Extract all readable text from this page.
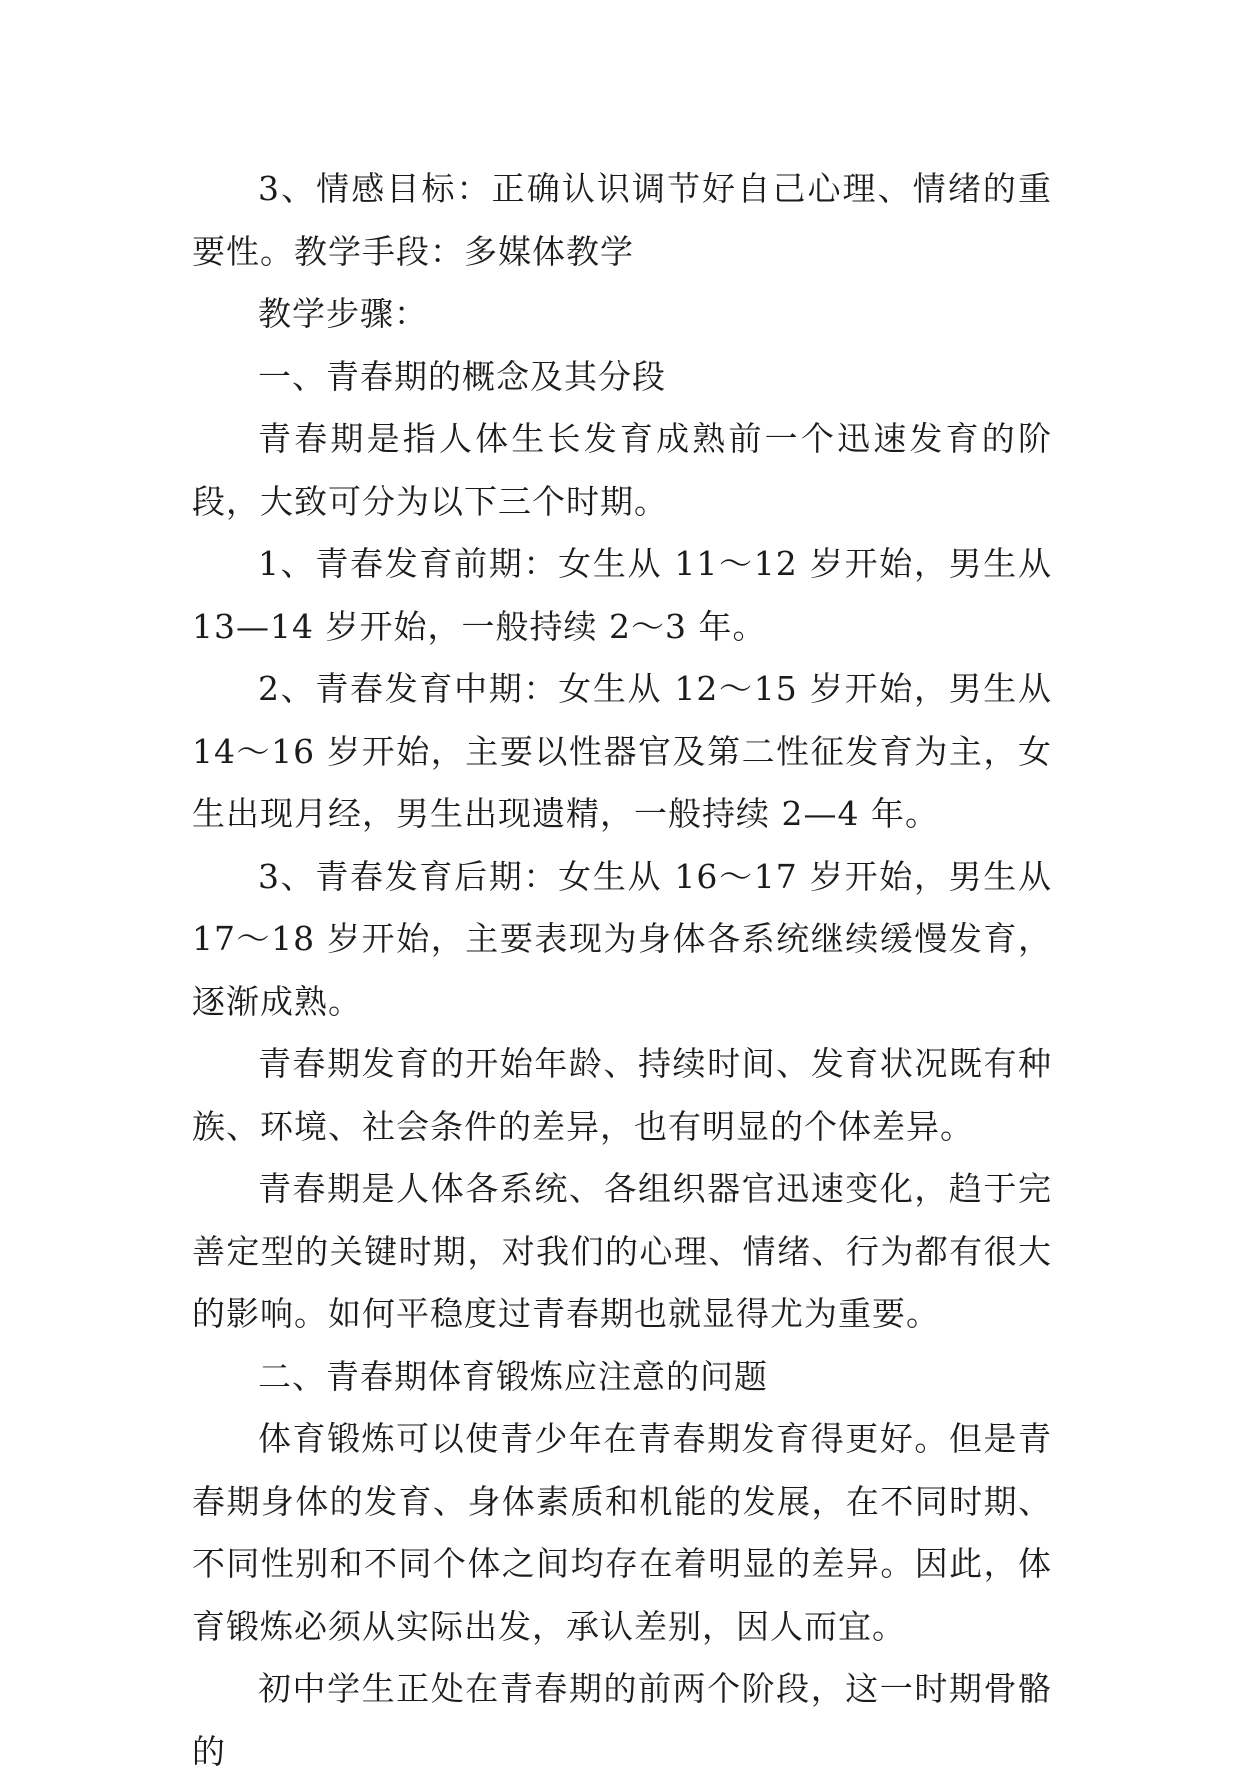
3、情感目标：正确认识调节好自己心理、情绪的重要性。教学手段：多媒体教学

教学步骤：

一、青春期的概念及其分段

青春期是指人体生长发育成熟前一个迅速发育的阶段，大致可分为以下三个时期。

1、青春发育前期：女生从 11～12 岁开始，男生从 13—14 岁开始，一般持续 2～3 年。

2、青春发育中期：女生从 12～15 岁开始，男生从 14～16 岁开始，主要以性器官及第二性征发育为主，女生出现月经，男生出现遗精，一般持续 2—4 年。

3、青春发育后期：女生从 16～17 岁开始，男生从 17～18 岁开始，主要表现为身体各系统继续缓慢发育，逐渐成熟。

青春期发育的开始年龄、持续时间、发育状况既有种族、环境、社会条件的差异，也有明显的个体差异。

青春期是人体各系统、各组织器官迅速变化，趋于完善定型的关键时期，对我们的心理、情绪、行为都有很大的影响。如何平稳度过青春期也就显得尤为重要。

二、青春期体育锻炼应注意的问题

体育锻炼可以使青少年在青春期发育得更好。但是青春期身体的发育、身体素质和机能的发展，在不同时期、不同性别和不同个体之间均存在着明显的差异。因此，体育锻炼必须从实际出发，承认差别，因人而宜。

初中学生正处在青春期的前两个阶段，这一时期骨骼的
